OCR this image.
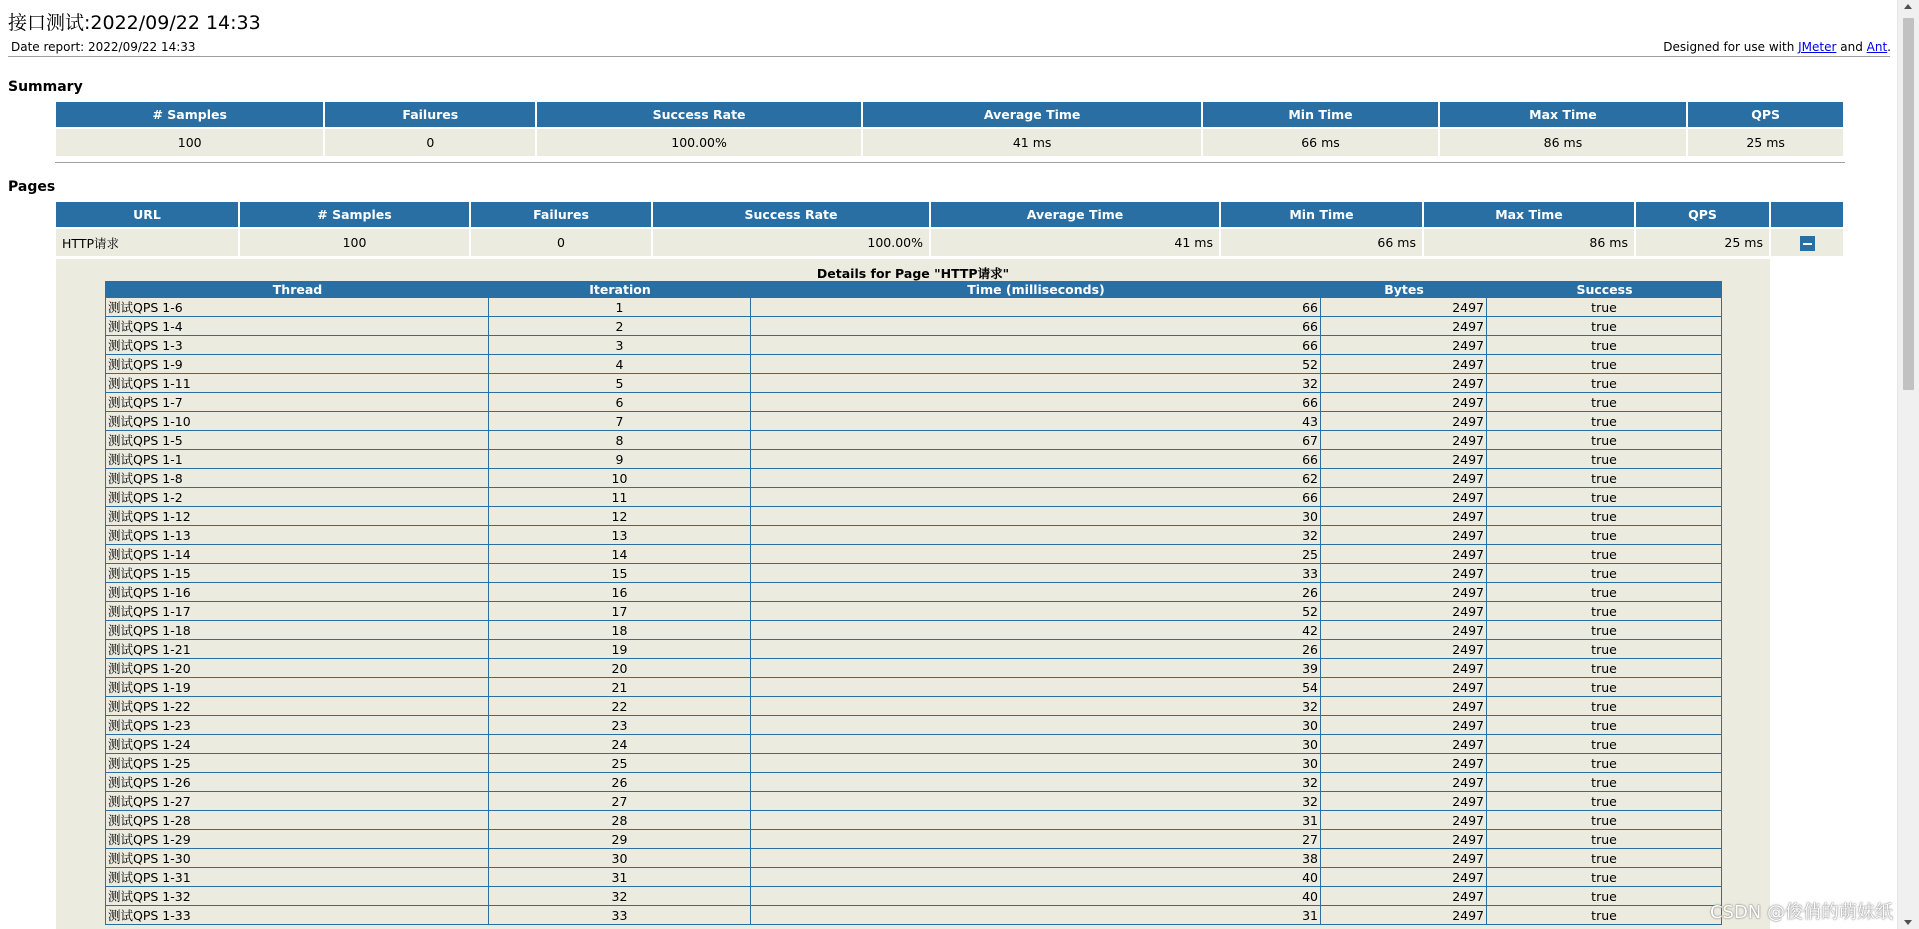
接口测试:2022/09/22 14:33
Date report: 2022/09/22 14:33	Designed for use with JMeter and Ant.
Summary
# Samples	Failures	Success Rate	Average Time	Min Time	Max Time	QPS
100	0	100.00%	41 ms	66 ms	86 ms	25 ms
Pages
URL	# Samples	Failures	Success Rate	Average Time	Min Time	Max Time	QPS	
HTTP请求	100	0	100.00%	41 ms	66 ms	86 ms	25 ms	
Details for Page "HTTP请求"
Thread	Iteration	Time (milliseconds)	Bytes	Success
测试QPS 1-6	1	66	2497	true
测试QPS 1-4	2	66	2497	true
测试QPS 1-3	3	66	2497	true
测试QPS 1-9	4	52	2497	true
测试QPS 1-11	5	32	2497	true
测试QPS 1-7	6	66	2497	true
测试QPS 1-10	7	43	2497	true
测试QPS 1-5	8	67	2497	true
测试QPS 1-1	9	66	2497	true
测试QPS 1-8	10	62	2497	true
测试QPS 1-2	11	66	2497	true
测试QPS 1-12	12	30	2497	true
测试QPS 1-13	13	32	2497	true
测试QPS 1-14	14	25	2497	true
测试QPS 1-15	15	33	2497	true
测试QPS 1-16	16	26	2497	true
测试QPS 1-17	17	52	2497	true
测试QPS 1-18	18	42	2497	true
测试QPS 1-21	19	26	2497	true
测试QPS 1-20	20	39	2497	true
测试QPS 1-19	21	54	2497	true
测试QPS 1-22	22	32	2497	true
测试QPS 1-23	23	30	2497	true
测试QPS 1-24	24	30	2497	true
测试QPS 1-25	25	30	2497	true
测试QPS 1-26	26	32	2497	true
测试QPS 1-27	27	32	2497	true
测试QPS 1-28	28	31	2497	true
测试QPS 1-29	29	27	2497	true
测试QPS 1-30	30	38	2497	true
测试QPS 1-31	31	40	2497	true
测试QPS 1-32	32	40	2497	true
测试QPS 1-33	33	31	2497	true	CSDN @俊俏的萌妹纸
